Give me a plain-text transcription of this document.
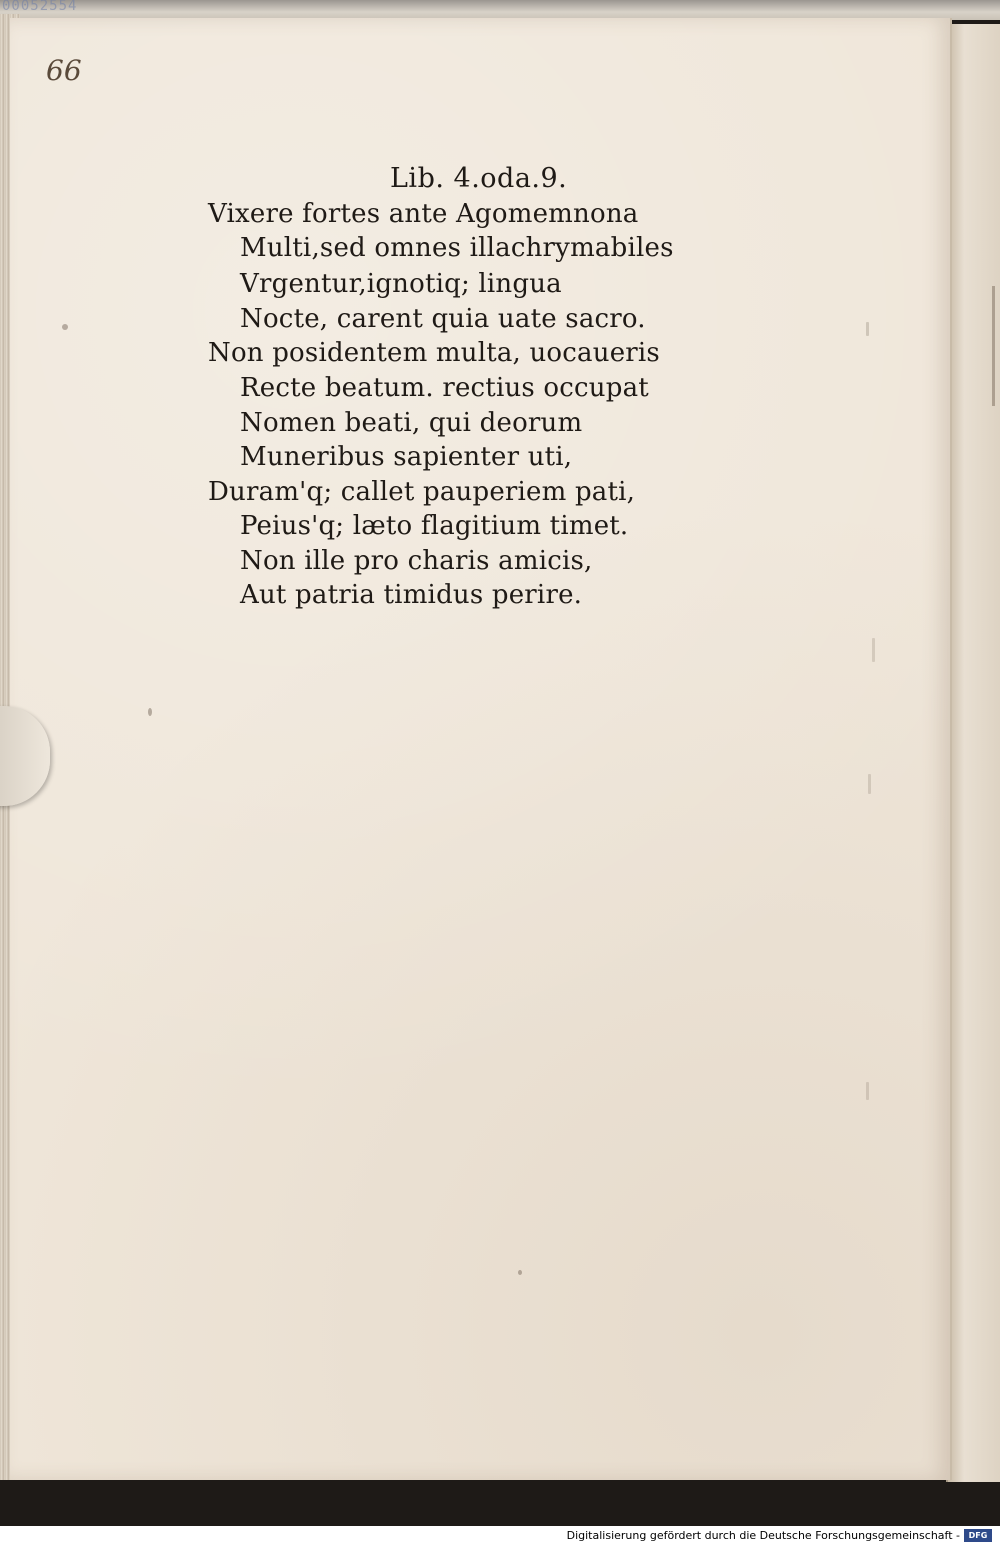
00052554
66
Lib. 4.oda.9.
Vixere fortes ante Agomemnona
Multi,sed omnes illachrymabiles
Vrgentur,ignotiq; lingua
Nocte, carent quia uate sacro.
Non posidentem multa, uocaueris
Recte beatum. rectius occupat
Nomen beati, qui deorum
Muneribus sapienter uti,
Duram'q; callet pauperiem pati,
Peius'q; læto flagitium timet.
Non ille pro charis amicis,
Aut patria timidus perire.
Digitalisierung gefördert durch die Deutsche Forschungsgemeinschaft -	DFG
